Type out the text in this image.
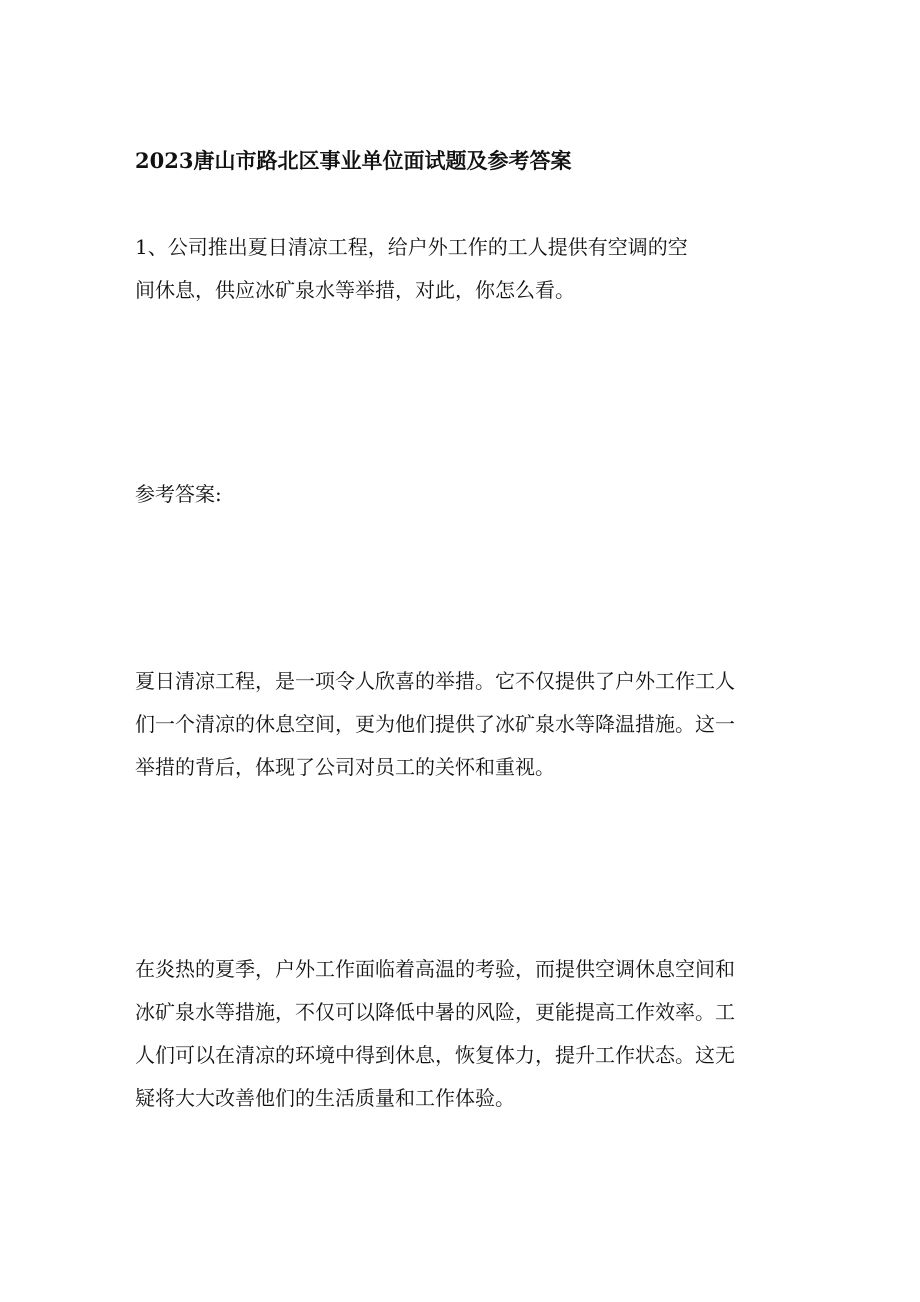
2023唐山市路北区事业单位面试题及参考答案
1、公司推出夏日清凉工程，给户外工作的工人提供有空调的空
间休息，供应冰矿泉水等举措，对此，你怎么看。
参考答案:
夏日清凉工程，是一项令人欣喜的举措。它不仅提供了户外工作工人
们一个清凉的休息空间，更为他们提供了冰矿泉水等降温措施。这一
举措的背后，体现了公司对员工的关怀和重视。
在炎热的夏季，户外工作面临着高温的考验，而提供空调休息空间和
冰矿泉水等措施，不仅可以降低中暑的风险，更能提高工作效率。工
人们可以在清凉的环境中得到休息，恢复体力，提升工作状态。这无
疑将大大改善他们的生活质量和工作体验。
